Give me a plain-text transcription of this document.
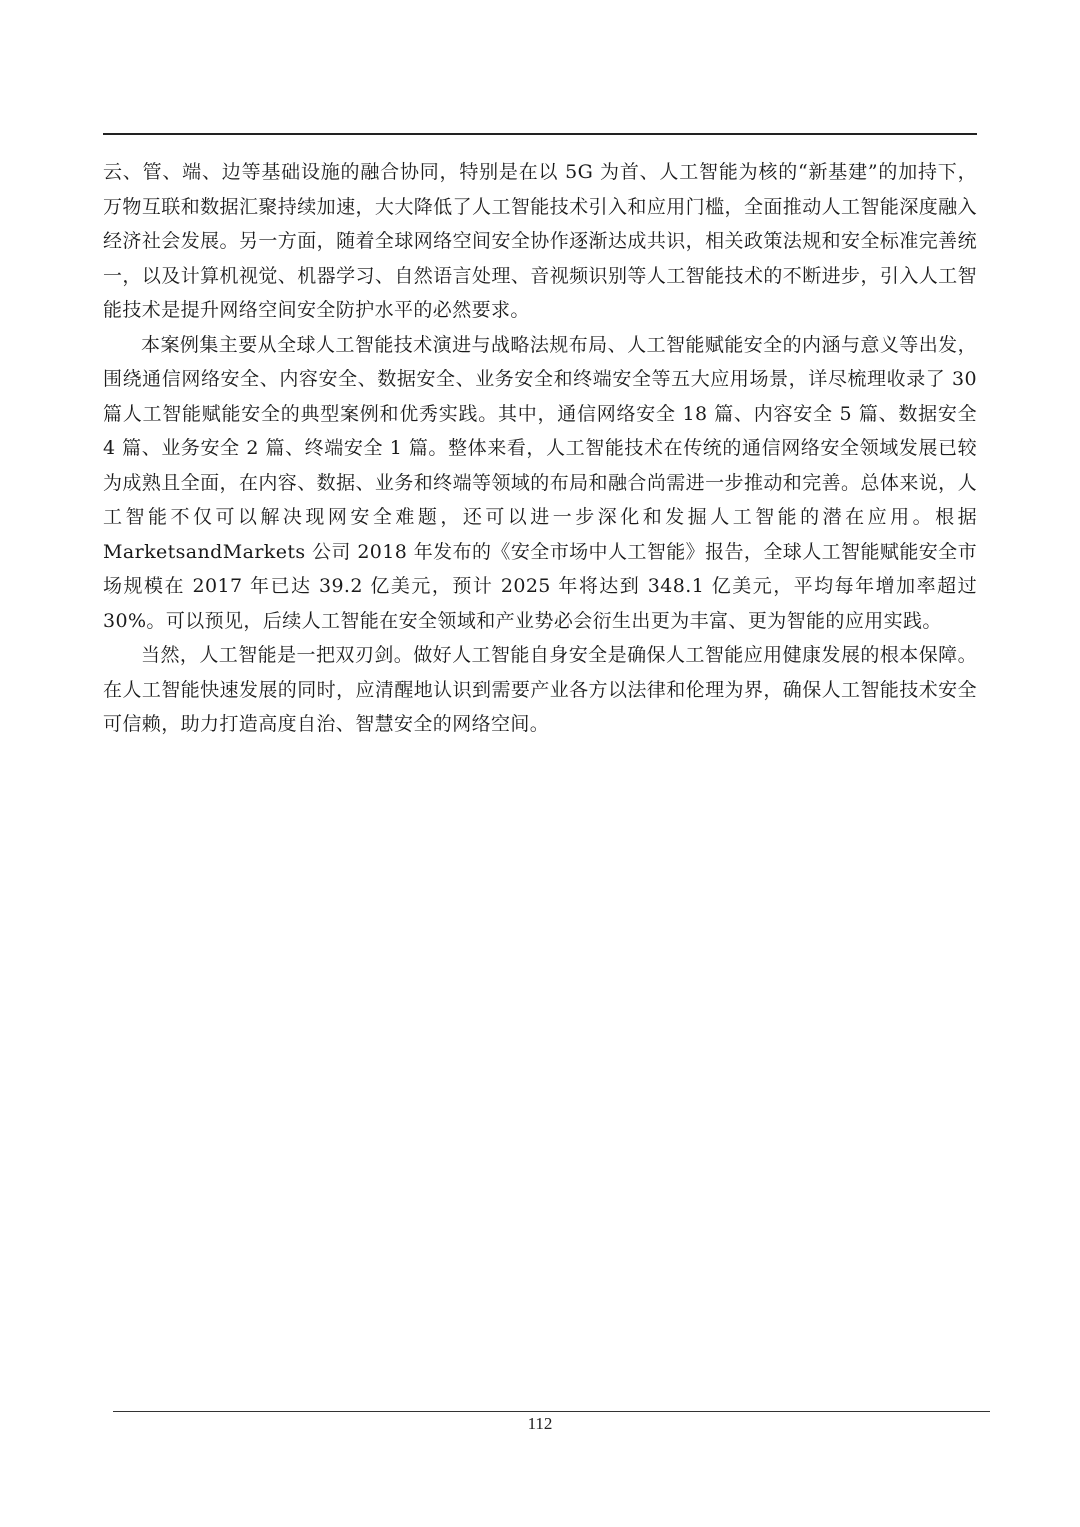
云、管、端、边等基础设施的融合协同，特别是在以 5G 为首、人工智能为核的“新基建”的加持下，万物互联和数据汇聚持续加速，大大降低了人工智能技术引入和应用门槛，全面推动人工智能深度融入经济社会发展。另一方面，随着全球网络空间安全协作逐渐达成共识，相关政策法规和安全标准完善统一，以及计算机视觉、机器学习、自然语言处理、音视频识别等人工智能技术的不断进步，引入人工智能技术是提升网络空间安全防护水平的必然要求。

本案例集主要从全球人工智能技术演进与战略法规布局、人工智能赋能安全的内涵与意义等出发，围绕通信网络安全、内容安全、数据安全、业务安全和终端安全等五大应用场景，详尽梳理收录了 30 篇人工智能赋能安全的典型案例和优秀实践。其中，通信网络安全 18 篇、内容安全 5 篇、数据安全 4 篇、业务安全 2 篇、终端安全 1 篇。整体来看，人工智能技术在传统的通信网络安全领域发展已较为成熟且全面，在内容、数据、业务和终端等领域的布局和融合尚需进一步推动和完善。总体来说，人工智能不仅可以解决现网安全难题，还可以进一步深化和发掘人工智能的潜在应用。根据 MarketsandMarkets 公司 2018 年发布的《安全市场中人工智能》报告，全球人工智能赋能安全市场规模在 2017 年已达 39.2 亿美元，预计 2025 年将达到 348.1 亿美元，平均每年增加率超过 30%。可以预见，后续人工智能在安全领域和产业势必会衍生出更为丰富、更为智能的应用实践。

当然，人工智能是一把双刃剑。做好人工智能自身安全是确保人工智能应用健康发展的根本保障。在人工智能快速发展的同时，应清醒地认识到需要产业各方以法律和伦理为界，确保人工智能技术安全可信赖，助力打造高度自治、智慧安全的网络空间。

112
